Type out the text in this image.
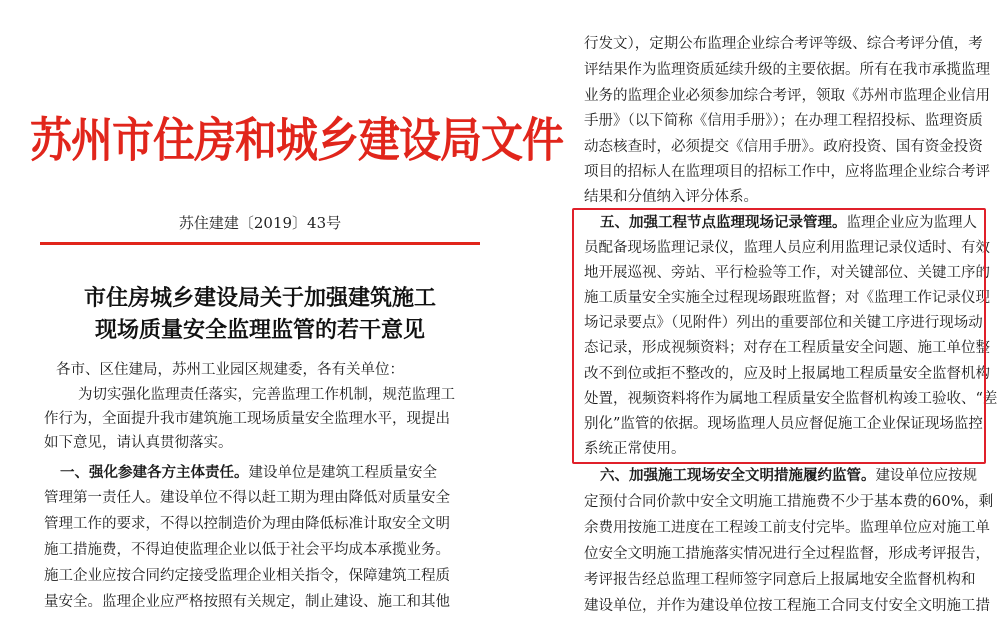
苏州市住房和城乡建设局文件
苏住建建〔2019〕43号
市住房城乡建设局关于加强建筑施工
现场质量安全监理监管的若干意见
各市、区住建局，苏州工业园区规建委，各有关单位：
为切实强化监理责任落实，完善监理工作机制，规范监理工
作行为，全面提升我市建筑施工现场质量安全监理水平，现提出
如下意见，请认真贯彻落实。
一、强化参建各方主体责任。建设单位是建筑工程质量安全
管理第一责任人。建设单位不得以赶工期为理由降低对质量安全
管理工作的要求，不得以控制造价为理由降低标准计取安全文明
施工措施费，不得迫使监理企业以低于社会平均成本承揽业务。
施工企业应按合同约定接受监理企业相关指令，保障建筑工程质
量安全。监理企业应严格按照有关规定，制止建设、施工和其他
行发文），定期公布监理企业综合考评等级、综合考评分值，考
评结果作为监理资质延续升级的主要依据。所有在我市承揽监理
业务的监理企业必须参加综合考评，领取《苏州市监理企业信用
手册》（以下简称《信用手册》）；在办理工程招投标、监理资质
动态核查时，必须提交《信用手册》。政府投资、国有资金投资
项目的招标人在监理项目的招标工作中，应将监理企业综合考评
结果和分值纳入评分体系。
五、加强工程节点监理现场记录管理。监理企业应为监理人
员配备现场监理记录仪，监理人员应利用监理记录仪适时、有效
地开展巡视、旁站、平行检验等工作，对关键部位、关键工序的
施工质量安全实施全过程现场跟班监督；对《监理工作记录仪现
场记录要点》（见附件）列出的重要部位和关键工序进行现场动
态记录，形成视频资料；对存在工程质量安全问题、施工单位整
改不到位或拒不整改的，应及时上报属地工程质量安全监督机构
处置，视频资料将作为属地工程质量安全监督机构竣工验收、“差
别化”监管的依据。现场监理人员应督促施工企业保证现场监控
系统正常使用。
六、加强施工现场安全文明措施履约监管。建设单位应按规
定预付合同价款中安全文明施工措施费不少于基本费的60%，剩
余费用按施工进度在工程竣工前支付完毕。监理单位应对施工单
位安全文明施工措施落实情况进行全过程监督，形成考评报告，
考评报告经总监理工程师签字同意后上报属地安全监督机构和
建设单位，并作为建设单位按工程施工合同支付安全文明施工措
